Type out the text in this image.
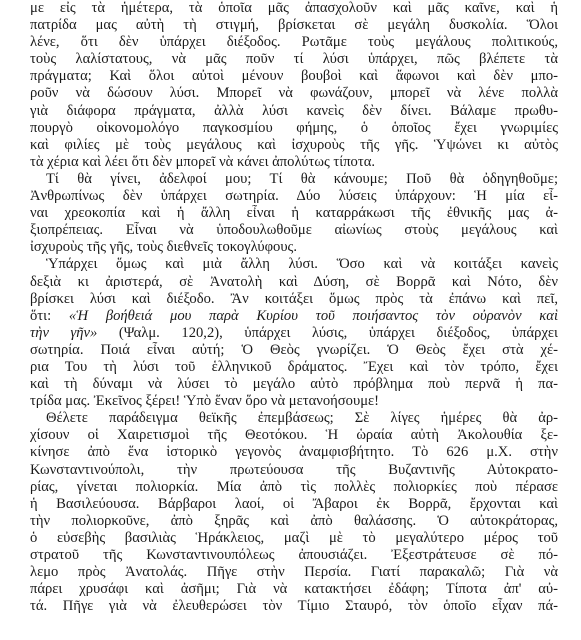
με εἰς τὰ ἡμέτερα, τὰ ὁποῖα μᾶς ἀπασχολοῦν καὶ μᾶς καῖνε, καὶ ἡ
πατρίδα μας αὐτὴ τὴ στιγμή, βρίσκεται σὲ μεγάλη δυσκολία. Ὅλοι
λένε, ὅτι δὲν ὑπάρχει διέξοδος. Ρωτᾶμε τοὺς μεγάλους πολιτικούς,
τοὺς λαλίστατους, νὰ μᾶς ποῦν τί λύσι ὑπάρχει, πῶς βλέπετε τὰ
πράγματα; Καὶ ὅλοι αὐτοὶ μένουν βουβοὶ καὶ ἄφωνοι καὶ δὲν μπο-
ροῦν νὰ δώσουν λύσι. Μπορεῖ νὰ φωνάζουν, μπορεῖ νὰ λένε πολλὰ
γιὰ διάφορα πράγματα, ἀλλὰ λύσι κανεὶς δὲν δίνει. Βάλαμε πρωθυ-
πουργὸ οἰκονομολόγο παγκοσμίου φήμης, ὁ ὁποῖος ἔχει γνωριμίες
καὶ φιλίες μὲ τοὺς μεγάλους καὶ ἰσχυροὺς τῆς γῆς. Ὑψώνει κι αὐτὸς
τὰ χέρια καὶ λέει ὅτι δὲν μπορεῖ νὰ κάνει ἀπολύτως τίποτα.
Τί θὰ γίνει, ἀδελφοί μου; Τί θὰ κάνουμε; Ποῦ θὰ ὀδηγηθοῦμε;
Ἀνθρωπίνως δὲν ὑπάρχει σωτηρία. Δύο λύσεις ὑπάρχουν: Ἡ μία εἶ-
ναι χρεοκοπία καὶ ἡ ἄλλη εἶναι ἡ καταρράκωσι τῆς ἐθνικῆς μας ἀ-
ξιοπρέπειας. Εἶναι νὰ ὑποδουλωθοῦμε αἰωνίως στοὺς μεγάλους καὶ
ἰσχυροὺς τῆς γῆς, τοὺς διεθνεῖς τοκογλύφους.
Ὑπάρχει ὅμως καὶ μιὰ ἄλλη λύσι. Ὅσο καὶ νὰ κοιτάξει κανεὶς
δεξιὰ κι ἀριστερά, σὲ Ἀνατολὴ καὶ Δύση, σὲ Βορρᾶ καὶ Νότο, δὲν
βρίσκει λύσι καὶ διέξοδο. Ἂν κοιτάξει ὅμως πρὸς τὰ ἐπάνω καὶ πεῖ,
ὅτι: «Ἡ βοήθειά μου παρὰ Κυρίου τοῦ ποιήσαντος τὸν οὐρανὸν καὶ
τὴν γῆν» (Ψαλμ. 120,2), ὑπάρχει λύσις, ὑπάρχει διέξοδος, ὑπάρχει
σωτηρία. Ποιά εἶναι αὐτή; Ὁ Θεὸς γνωρίζει. Ὁ Θεὸς ἔχει στὰ χέ-
ρια Του τὴ λύσι τοῦ ἑλληνικοῦ δράματος. Ἔχει καὶ τὸν τρόπο, ἔχει
καὶ τὴ δύναμι νὰ λύσει τὸ μεγάλο αὐτὸ πρόβλημα ποὺ περνᾶ ἡ πα-
τρίδα μας. Ἐκεῖνος ξέρει! Ὑπὸ ἕναν ὅρο νὰ μετανοήσουμε!
Θέλετε παράδειγμα θεϊκῆς ἐπεμβάσεως; Σὲ λίγες ἡμέρες θὰ ἀρ-
χίσουν οἱ Χαιρετισμοὶ τῆς Θεοτόκου. Ἡ ὡραία αὐτὴ Ἀκολουθία ξε-
κίνησε ἀπὸ ἕνα ἱστορικὸ γεγονὸς ἀναμφισβήτητο. Τὸ 626 μ.Χ. στὴν
Κωνσταντινούπολι, τὴν πρωτεύουσα τῆς Βυζαντινῆς Αὐτοκρατο-
ρίας, γίνεται πολιορκία. Μία ἀπὸ τὶς πολλὲς πολιορκίες ποὺ πέρασε
ἡ Βασιλεύουσα. Βάρβαροι λαοί, οἱ Ἄβαροι ἐκ Βορρᾶ, ἔρχονται καὶ
τὴν πολιορκοῦνε, ἀπὸ ξηρᾶς καὶ ἀπὸ θαλάσσης. Ὁ αὐτοκράτορας,
ὁ εὐσεβὴς βασιλιὰς Ἡράκλειος, μαζὶ μὲ τὸ μεγαλύτερο μέρος τοῦ
στρατοῦ τῆς Κωνσταντινουπόλεως ἀπουσιάζει. Ἐξεστράτευσε σὲ πό-
λεμο πρὸς Ἀνατολάς. Πῆγε στὴν Περσία. Γιατί παρακαλῶ; Γιὰ νὰ
πάρει χρυσάφι καὶ ἀσῆμι; Γιὰ νὰ κατακτήσει ἐδάφη; Τίποτα ἀπ' αὐ-
τά. Πῆγε γιὰ νὰ ἐλευθερώσει τὸν Τίμιο Σταυρό, τὸν ὁποῖο εἶχαν πά-
